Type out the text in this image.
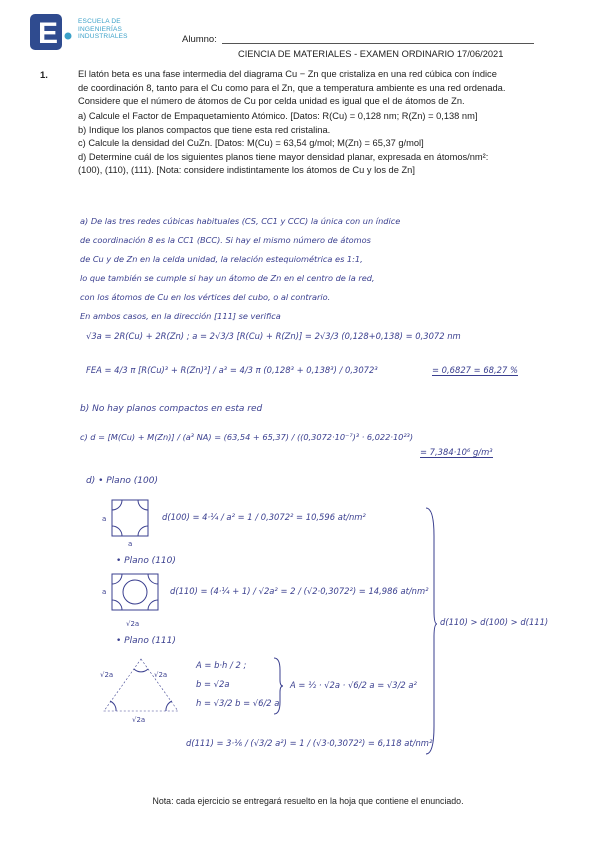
E	ESCUELA DE
INGENIERÍAS
INDUSTRIALES	Alumno:
CIENCIA DE MATERIALES - EXAMEN ORDINARIO 17/06/2021
1.	El latón beta es una fase intermedia del diagrama Cu − Zn que cristaliza en una red cúbica con índice
de coordinación 8, tanto para el Cu como para el Zn, que a temperatura ambiente es una red ordenada.
Considere que el número de átomos de Cu por celda unidad es igual que el de átomos de Zn.
a) Calcule el Factor de Empaquetamiento Atómico. [Datos: R(Cu) = 0,128 nm; R(Zn) = 0,138 nm]
b) Indique los planos compactos que tiene esta red cristalina.
c) Calcule la densidad del CuZn. [Datos: M(Cu) = 63,54 g/mol; M(Zn) = 65,37 g/mol]
d) Determine cuál de los siguientes planos tiene mayor densidad planar, expresada en átomos/nm²:
(100), (110), (111). [Nota: considere indistintamente los átomos de Cu y los de Zn]
a) De las tres redes cúbicas habituales (CS, CC1 y CCC) la única con un índice
de coordinación 8 es la CC1 (BCC). Si hay el mismo número de átomos
de Cu y de Zn en la celda unidad, la relación estequiométrica es 1:1,
lo que también se cumple si hay un átomo de Zn en el centro de la red,
con los átomos de Cu en los vértices del cubo, o al contrario.
En ambos casos, en la dirección [111] se verifica
√3a = 2R(Cu) + 2R(Zn) ; a = 2√3/3 [R(Cu) + R(Zn)] = 2√3/3 (0,128+0,138) = 0,3072 nm
FEA = 4/3 π [R(Cu)³ + R(Zn)³] / a³ = 4/3 π (0,128³ + 0,138³) / 0,3072³	= 0,6827 = 68,27 %
b) No hay planos compactos en esta red
c) d = [M(Cu) + M(Zn)] / (a³ NA) = (63,54 + 65,37) / ((0,3072·10⁻⁷)³ · 6,022·10²³)
= 7,384·10⁶ g/m³
d) • Plano (100)
a
a
d(100) = 4·¼ / a² = 1 / 0,3072² = 10,596 at/nm²
• Plano (110)
a
√2a
d(110) = (4·¼ + 1) / √2a² = 2 / (√2·0,3072²) = 14,986 at/nm²
• Plano (111)
√2a	√2a
√2a
A = b·h / 2 ;
b = √2a
h = √3/2 b = √6/2 a
A = ½ · √2a · √6/2 a = √3/2 a²
d(111) = 3·⅙ / (√3/2 a²) = 1 / (√3·0,3072²) = 6,118 at/nm²
d(110) > d(100) > d(111)
Nota: cada ejercicio se entregará resuelto en la hoja que contiene el enunciado.
